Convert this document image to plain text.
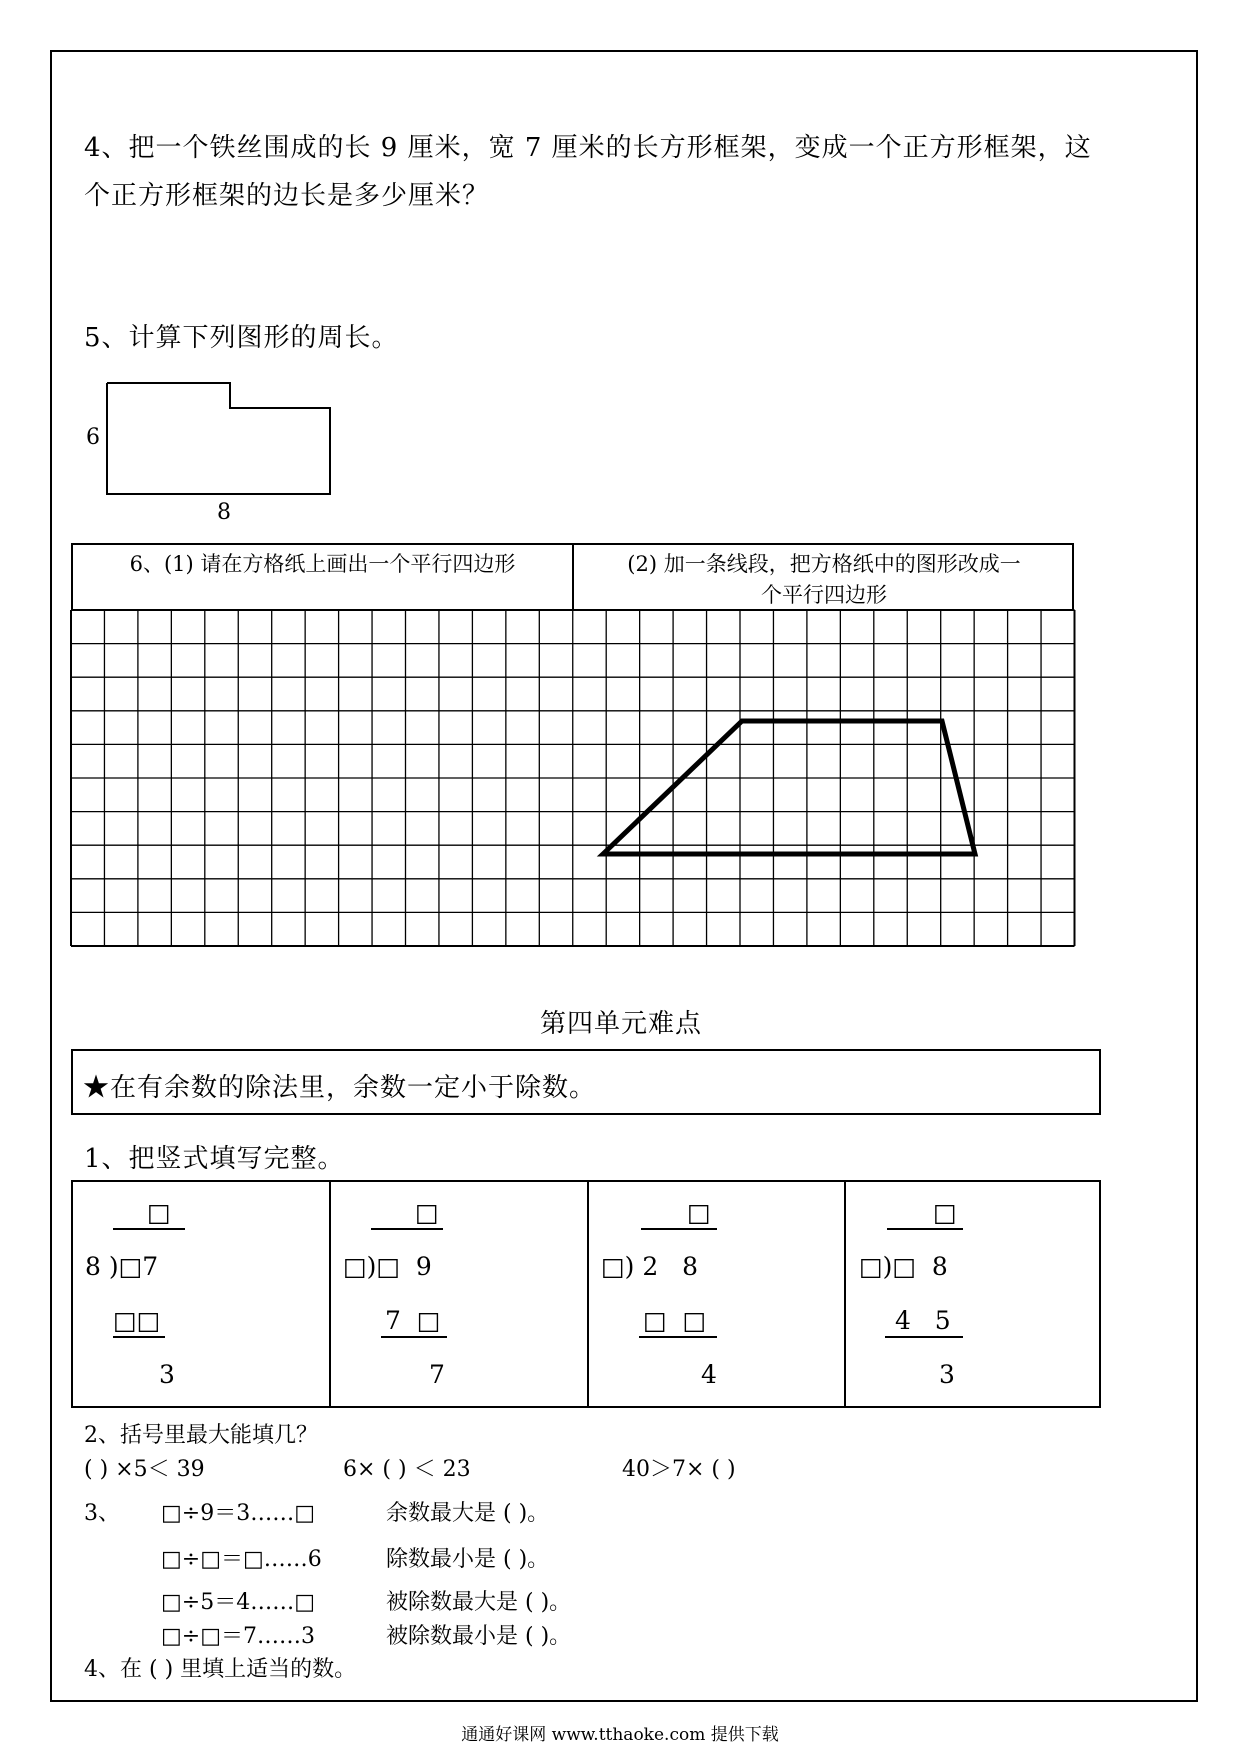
4、把一个铁丝围成的长 9 厘米，宽 7 厘米的长方形框架，变成一个正方形框架，这
个正方形框架的边长是多少厘米？
5、计算下列图形的周长。
6
8
6、(1) 请在方格纸上画出一个平行四边形	(2) 加一条线段，把方格纸中的图形改成一
个平行四边形
第四单元难点
★在有余数的除法里，余数一定小于除数。
1、把竖式填写完整。
□
8 )□7
□□
3
□
□)□  9
7  □
7
□
□) 2   8
□  □
4
□
□)□  8
4   5
3
2、括号里最大能填几？
( ) ×5＜ 39	6× ( ) ＜ 23	40＞7× ( )
3、 □÷9＝3……□	余数最大是 ( )。
□÷□＝□……6	除数最小是 ( )。
□÷5＝4……□	被除数最大是 ( )。
□÷□＝7……3	被除数最小是 ( )。
4、在 ( ) 里填上适当的数。
通通好课网 www.tthaoke.com 提供下载
